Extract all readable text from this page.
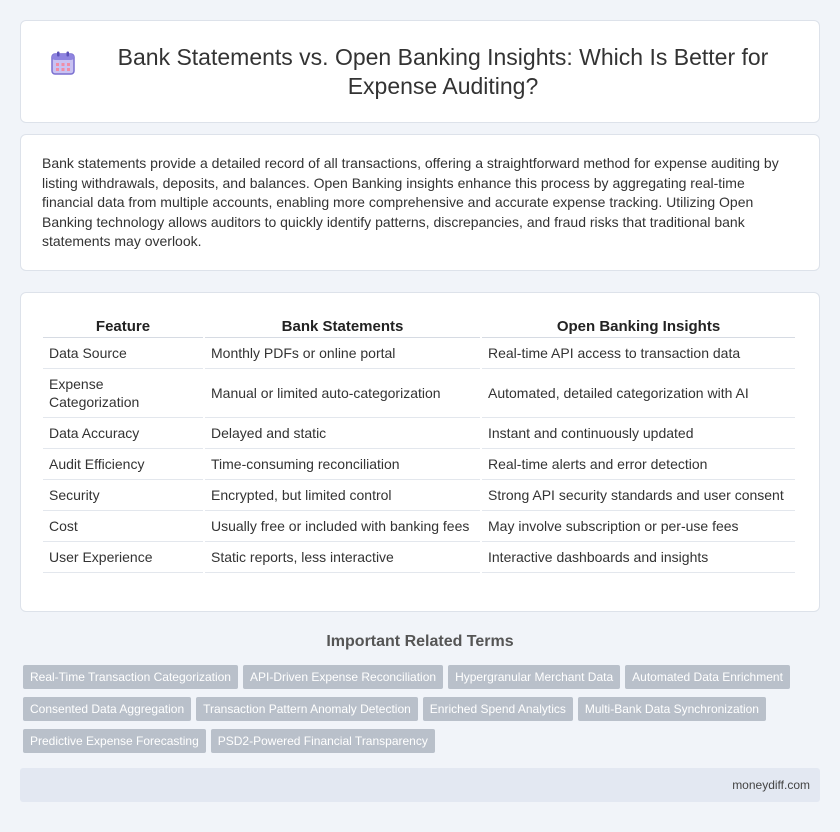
Bank Statements vs. Open Banking Insights: Which Is Better for Expense Auditing?

Bank statements provide a detailed record of all transactions, offering a straightforward method for expense auditing by listing withdrawals, deposits, and balances. Open Banking insights enhance this process by aggregating real-time financial data from multiple accounts, enabling more comprehensive and accurate expense tracking. Utilizing Open Banking technology allows auditors to quickly identify patterns, discrepancies, and fraud risks that traditional bank statements may overlook.

Feature	Bank Statements	Open Banking Insights
Data Source	Monthly PDFs or online portal	Real-time API access to transaction data
Expense Categorization	Manual or limited auto-categorization	Automated, detailed categorization with AI
Data Accuracy	Delayed and static	Instant and continuously updated
Audit Efficiency	Time-consuming reconciliation	Real-time alerts and error detection
Security	Encrypted, but limited control	Strong API security standards and user consent
Cost	Usually free or included with banking fees	May involve subscription or per-use fees
User Experience	Static reports, less interactive	Interactive dashboards and insights
Important Related Terms
Real-Time Transaction Categorization API-Driven Expense Reconciliation Hypergranular Merchant Data Automated Data EnrichmentConsented Data Aggregation Transaction Pattern Anomaly Detection Enriched Spend Analytics Multi-Bank Data SynchronizationPredictive Expense Forecasting PSD2-Powered Financial Transparency
moneydiff.com
